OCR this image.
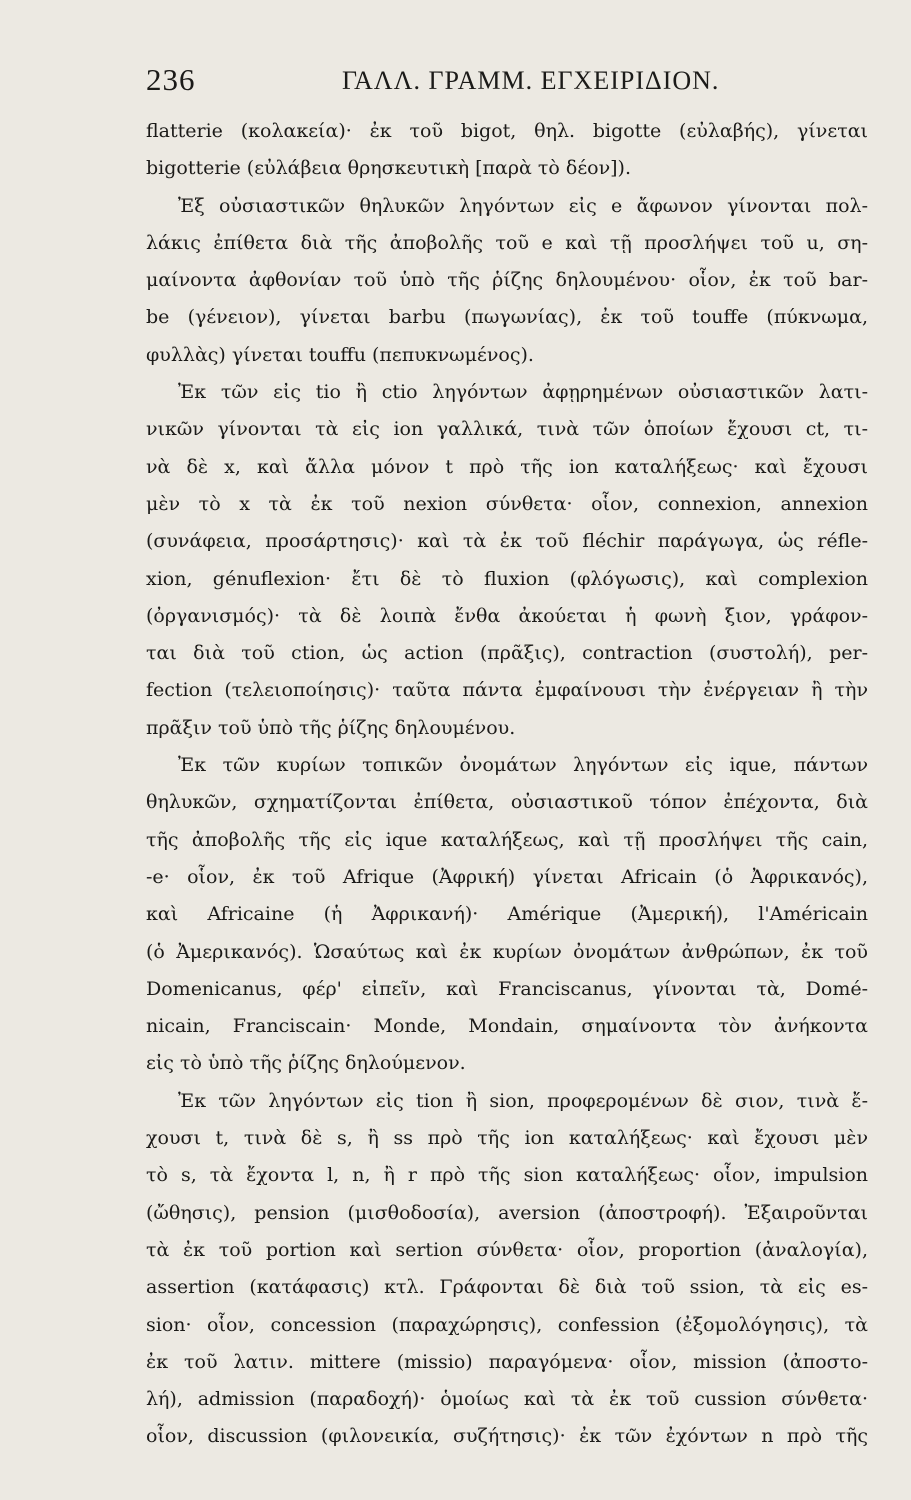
236	ΓΑΛΛ. ΓΡΑΜΜ. ΕΓΧΕΙΡΙΔΙΟΝ.
flatterie (κολακεία)· ἐκ τοῦ bigot, θηλ. bigotte (εὐλαβής), γίνεται
bigotterie (εὐλάβεια θρησκευτικὴ [παρὰ τὸ δέον]).
Ἐξ οὐσιαστικῶν θηλυκῶν ληγόντων εἰς e ἄφωνον γίνονται πολ-
λάκις ἐπίθετα διὰ τῆς ἀποβολῆς τοῦ e καὶ τῇ προσλήψει τοῦ u, ση-
μαίνοντα ἀφθονίαν τοῦ ὑπὸ τῆς ῥίζης δηλουμένου· οἷον, ἐκ τοῦ bar-
be (γένειον), γίνεται barbu (πωγωνίας), ἐκ τοῦ touffe (πύκνωμα,
φυλλὰς) γίνεται touffu (πεπυκνωμένος).
Ἐκ τῶν εἰς tio ἢ ctio ληγόντων ἀφῃρημένων οὐσιαστικῶν λατι-
νικῶν γίνονται τὰ εἰς ion γαλλικά, τινὰ τῶν ὁποίων ἔχουσι ct, τι-
νὰ δὲ x, καὶ ἄλλα μόνον t πρὸ τῆς ion καταλήξεως· καὶ ἔχουσι
μὲν τὸ x τὰ ἐκ τοῦ nexion σύνθετα· οἷον, connexion, annexion
(συνάφεια, προσάρτησις)· καὶ τὰ ἐκ τοῦ fléchir παράγωγα, ὡς réfle-
xion, génuflexion· ἔτι δὲ τὸ fluxion (φλόγωσις), καὶ complexion
(ὀργανισμός)· τὰ δὲ λοιπὰ ἔνθα ἀκούεται ἡ φωνὴ ξιον, γράφον-
ται διὰ τοῦ ction, ὡς action (πρᾶξις), contraction (συστολή), per-
fection (τελειοποίησις)· ταῦτα πάντα ἐμφαίνουσι τὴν ἐνέργειαν ἢ τὴν
πρᾶξιν τοῦ ὑπὸ τῆς ῥίζης δηλουμένου.
Ἐκ τῶν κυρίων τοπικῶν ὀνομάτων ληγόντων εἰς ique, πάντων
θηλυκῶν, σχηματίζονται ἐπίθετα, οὐσιαστικοῦ τόπον ἐπέχοντα, διὰ
τῆς ἀποβολῆς τῆς εἰς ique καταλήξεως, καὶ τῇ προσλήψει τῆς cain,
-e· οἷον, ἐκ τοῦ Afrique (Ἀφρική) γίνεται Africain (ὁ Ἀφρικανός),
καὶ Africaine (ἡ Ἀφρικανή)· Amérique (Ἀμερική), l'Américain
(ὁ Ἀμερικανός). Ὡσαύτως καὶ ἐκ κυρίων ὀνομάτων ἀνθρώπων, ἐκ τοῦ
Domenicanus, φέρ' εἰπεῖν, καὶ Franciscanus, γίνονται τὰ, Domé-
nicain, Franciscain· Monde, Mondain, σημαίνοντα τὸν ἀνήκοντα
εἰς τὸ ὑπὸ τῆς ῥίζης δηλούμενον.
Ἐκ τῶν ληγόντων εἰς tion ἢ sion, προφερομένων δὲ σιον, τινὰ ἔ-
χουσι t, τινὰ δὲ s, ἢ ss πρὸ τῆς ion καταλήξεως· καὶ ἔχουσι μὲν
τὸ s, τὰ ἔχοντα l, n, ἢ r πρὸ τῆς sion καταλήξεως· οἷον, impulsion
(ὤθησις), pension (μισθοδοσία), aversion (ἀποστροφή). Ἐξαιροῦνται
τὰ ἐκ τοῦ portion καὶ sertion σύνθετα· οἷον, proportion (ἀναλογία),
assertion (κατάφασις) κτλ. Γράφονται δὲ διὰ τοῦ ssion, τὰ εἰς es-
sion· οἷον, concession (παραχώρησις), confession (ἐξομολόγησις), τὰ
ἐκ τοῦ λατιν. mittere (missio) παραγόμενα· οἷον, mission (ἀποστο-
λή), admission (παραδοχή)· ὁμοίως καὶ τὰ ἐκ τοῦ cussion σύνθετα·
οἷον, discussion (φιλονεικία, συζήτησις)· ἐκ τῶν ἐχόντων n πρὸ τῆς
